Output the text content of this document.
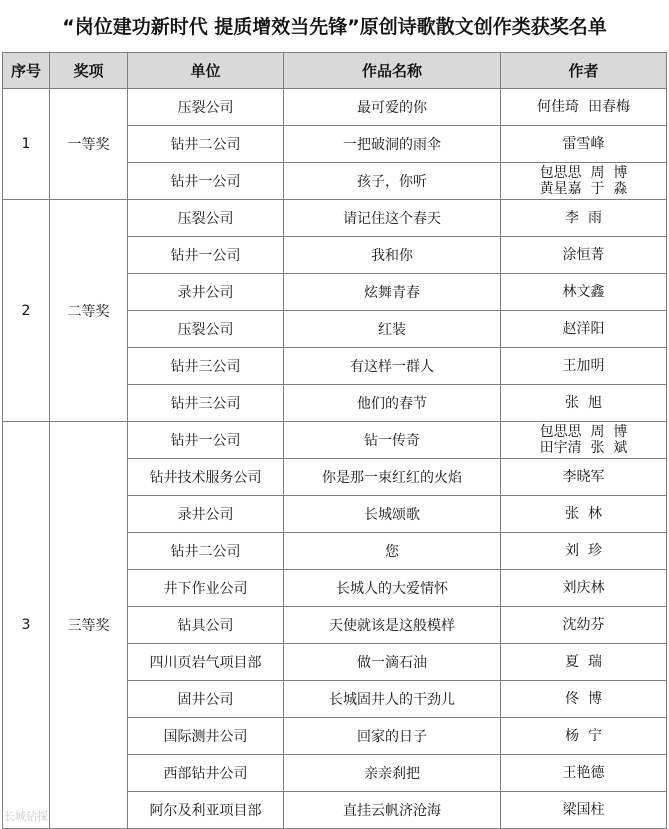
“岗位建功新时代 提质增效当先锋”原创诗歌散文创作类获奖名单
序号	奖项	单位	作品名称	作者
1	一等奖	压裂公司	最可爱的你	何佳琦  田春梅

		钻井二公司	一把破洞的雨伞	雷雪峰

		钻井一公司	孩子，你听	包思思  周  博
黄星嘉  于  淼

2	二等奖	压裂公司	请记住这个春天	李  雨

		钻井一公司	我和你	涂恒菁

		录井公司	炫舞青春	林文鑫

		压裂公司	红装	赵洋阳

		钻井三公司	有这样一群人	王加明

		钻井三公司	他们的春节	张  旭

3	三等奖	钻井一公司	钻一传奇	包思思  周  博
田宇清  张  斌

		钻井技术服务公司	你是那一束红红的火焰	李晓军

		录井公司	长城颂歌	张  林

		钻井二公司	您	刘  珍

		井下作业公司	长城人的大爱情怀	刘庆林

		钻具公司	天使就该是这般模样	沈幼芬

		四川页岩气项目部	做一滴石油	夏  瑞

		固井公司	长城固井人的干劲儿	佟  博

		国际测井公司	回家的日子	杨  宁

		西部钻井公司	亲亲刹把	王艳德

		阿尔及利亚项目部	直挂云帆济沧海	梁国柱
长城钻探
